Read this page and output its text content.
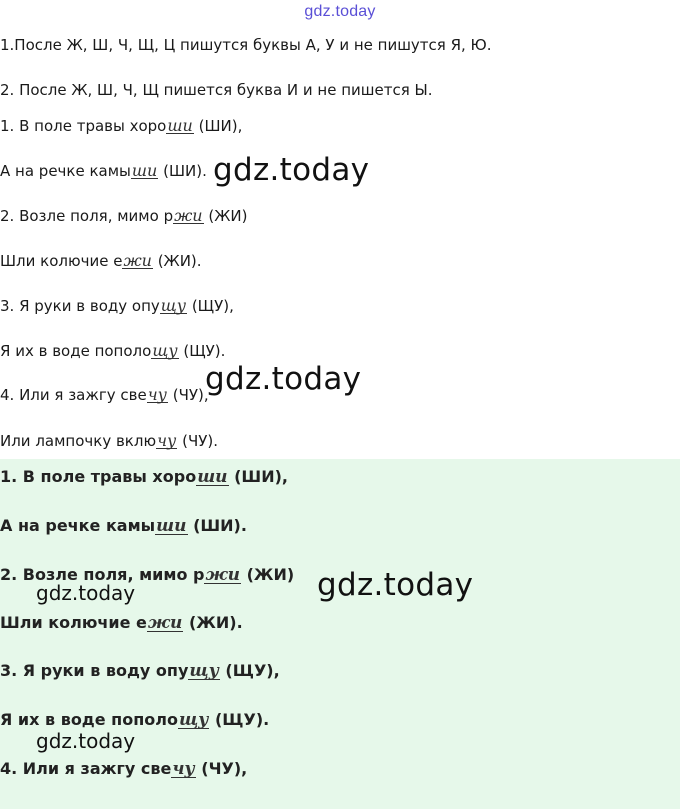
gdz.today
1.После Ж, Ш, Ч, Щ, Ц пишутся буквы А, У и не пишутся Я, Ю.
2. После Ж, Ш, Ч, Щ пишется буква И и не пишется Ы.
1. В поле травы хороши (ШИ),
А на речке камыши (ШИ).
2. Возле поля, мимо ржи (ЖИ)
Шли колючие ежи (ЖИ).
3. Я руки в воду опущу (ЩУ),
Я их в воде пополощу (ЩУ).
4. Или я зажгу свечу (ЧУ),
Или лампочку включу (ЧУ).
gdz.today
gdz.today
1. В поле травы хороши (ШИ),
А на речке камыши (ШИ).
2. Возле поля, мимо ржи (ЖИ)
Шли колючие ежи (ЖИ).
3. Я руки в воду опущу (ЩУ),
Я их в воде пополощу (ЩУ).
4. Или я зажгу свечу (ЧУ),
gdz.today
gdz.today
gdz.today
